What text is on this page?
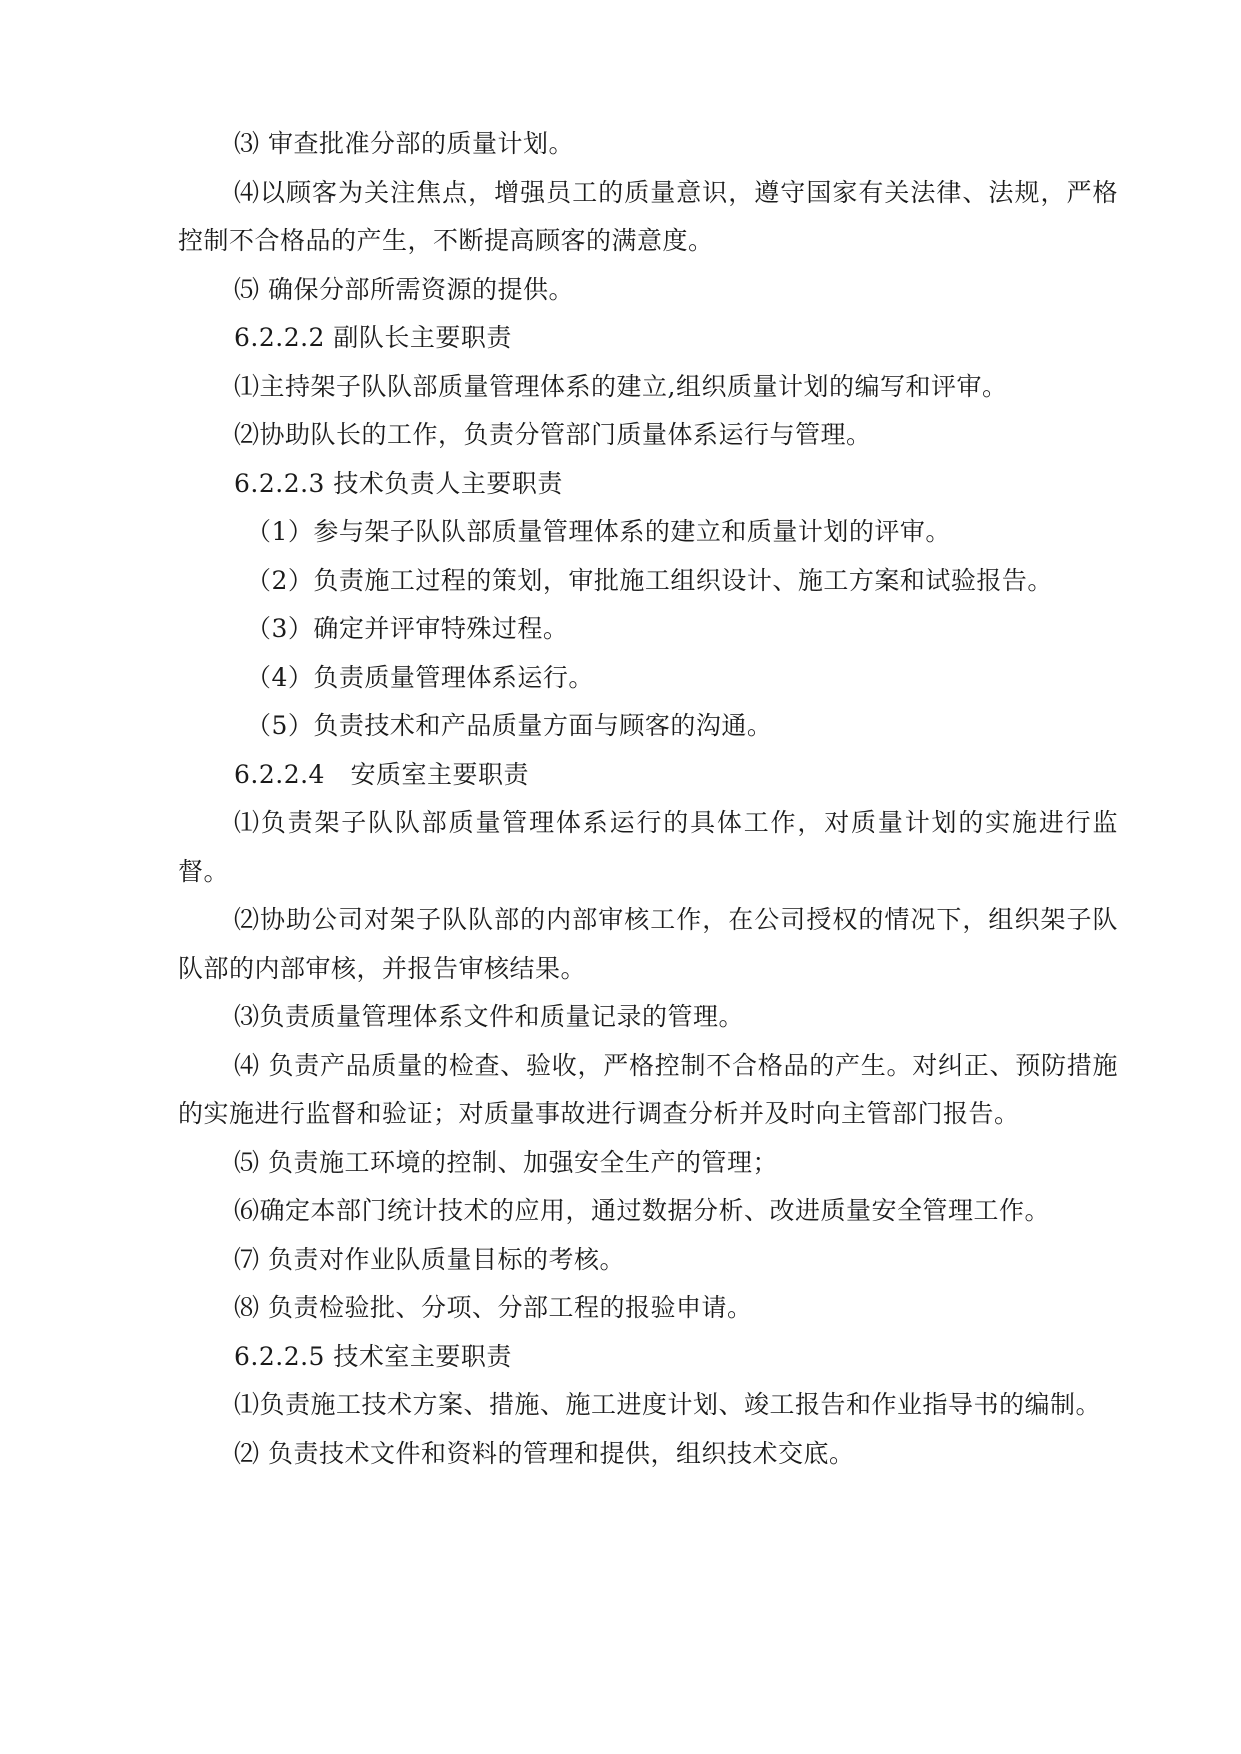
⑶ 审查批准分部的质量计划。

⑷以顾客为关注焦点，增强员工的质量意识，遵守国家有关法律、法规，严格控制不合格品的产生，不断提高顾客的满意度。

⑸ 确保分部所需资源的提供。

6.2.2.2 副队长主要职责

⑴主持架子队队部质量管理体系的建立,组织质量计划的编写和评审。

⑵协助队长的工作，负责分管部门质量体系运行与管理。

6.2.2.3 技术负责人主要职责

（1）参与架子队队部质量管理体系的建立和质量计划的评审。

（2）负责施工过程的策划，审批施工组织设计、施工方案和试验报告。

（3）确定并评审特殊过程。

（4）负责质量管理体系运行。

（5）负责技术和产品质量方面与顾客的沟通。

6.2.2.4　安质室主要职责

⑴负责架子队队部质量管理体系运行的具体工作，对质量计划的实施进行监督。

⑵协助公司对架子队队部的内部审核工作，在公司授权的情况下，组织架子队队部的内部审核，并报告审核结果。

⑶负责质量管理体系文件和质量记录的管理。

⑷ 负责产品质量的检查、验收，严格控制不合格品的产生。对纠正、预防措施的实施进行监督和验证；对质量事故进行调查分析并及时向主管部门报告。

⑸ 负责施工环境的控制、加强安全生产的管理；

⑹确定本部门统计技术的应用，通过数据分析、改进质量安全管理工作。

⑺ 负责对作业队质量目标的考核。

⑻ 负责检验批、分项、分部工程的报验申请。

6.2.2.5 技术室主要职责

⑴负责施工技术方案、措施、施工进度计划、竣工报告和作业指导书的编制。

⑵ 负责技术文件和资料的管理和提供，组织技术交底。
